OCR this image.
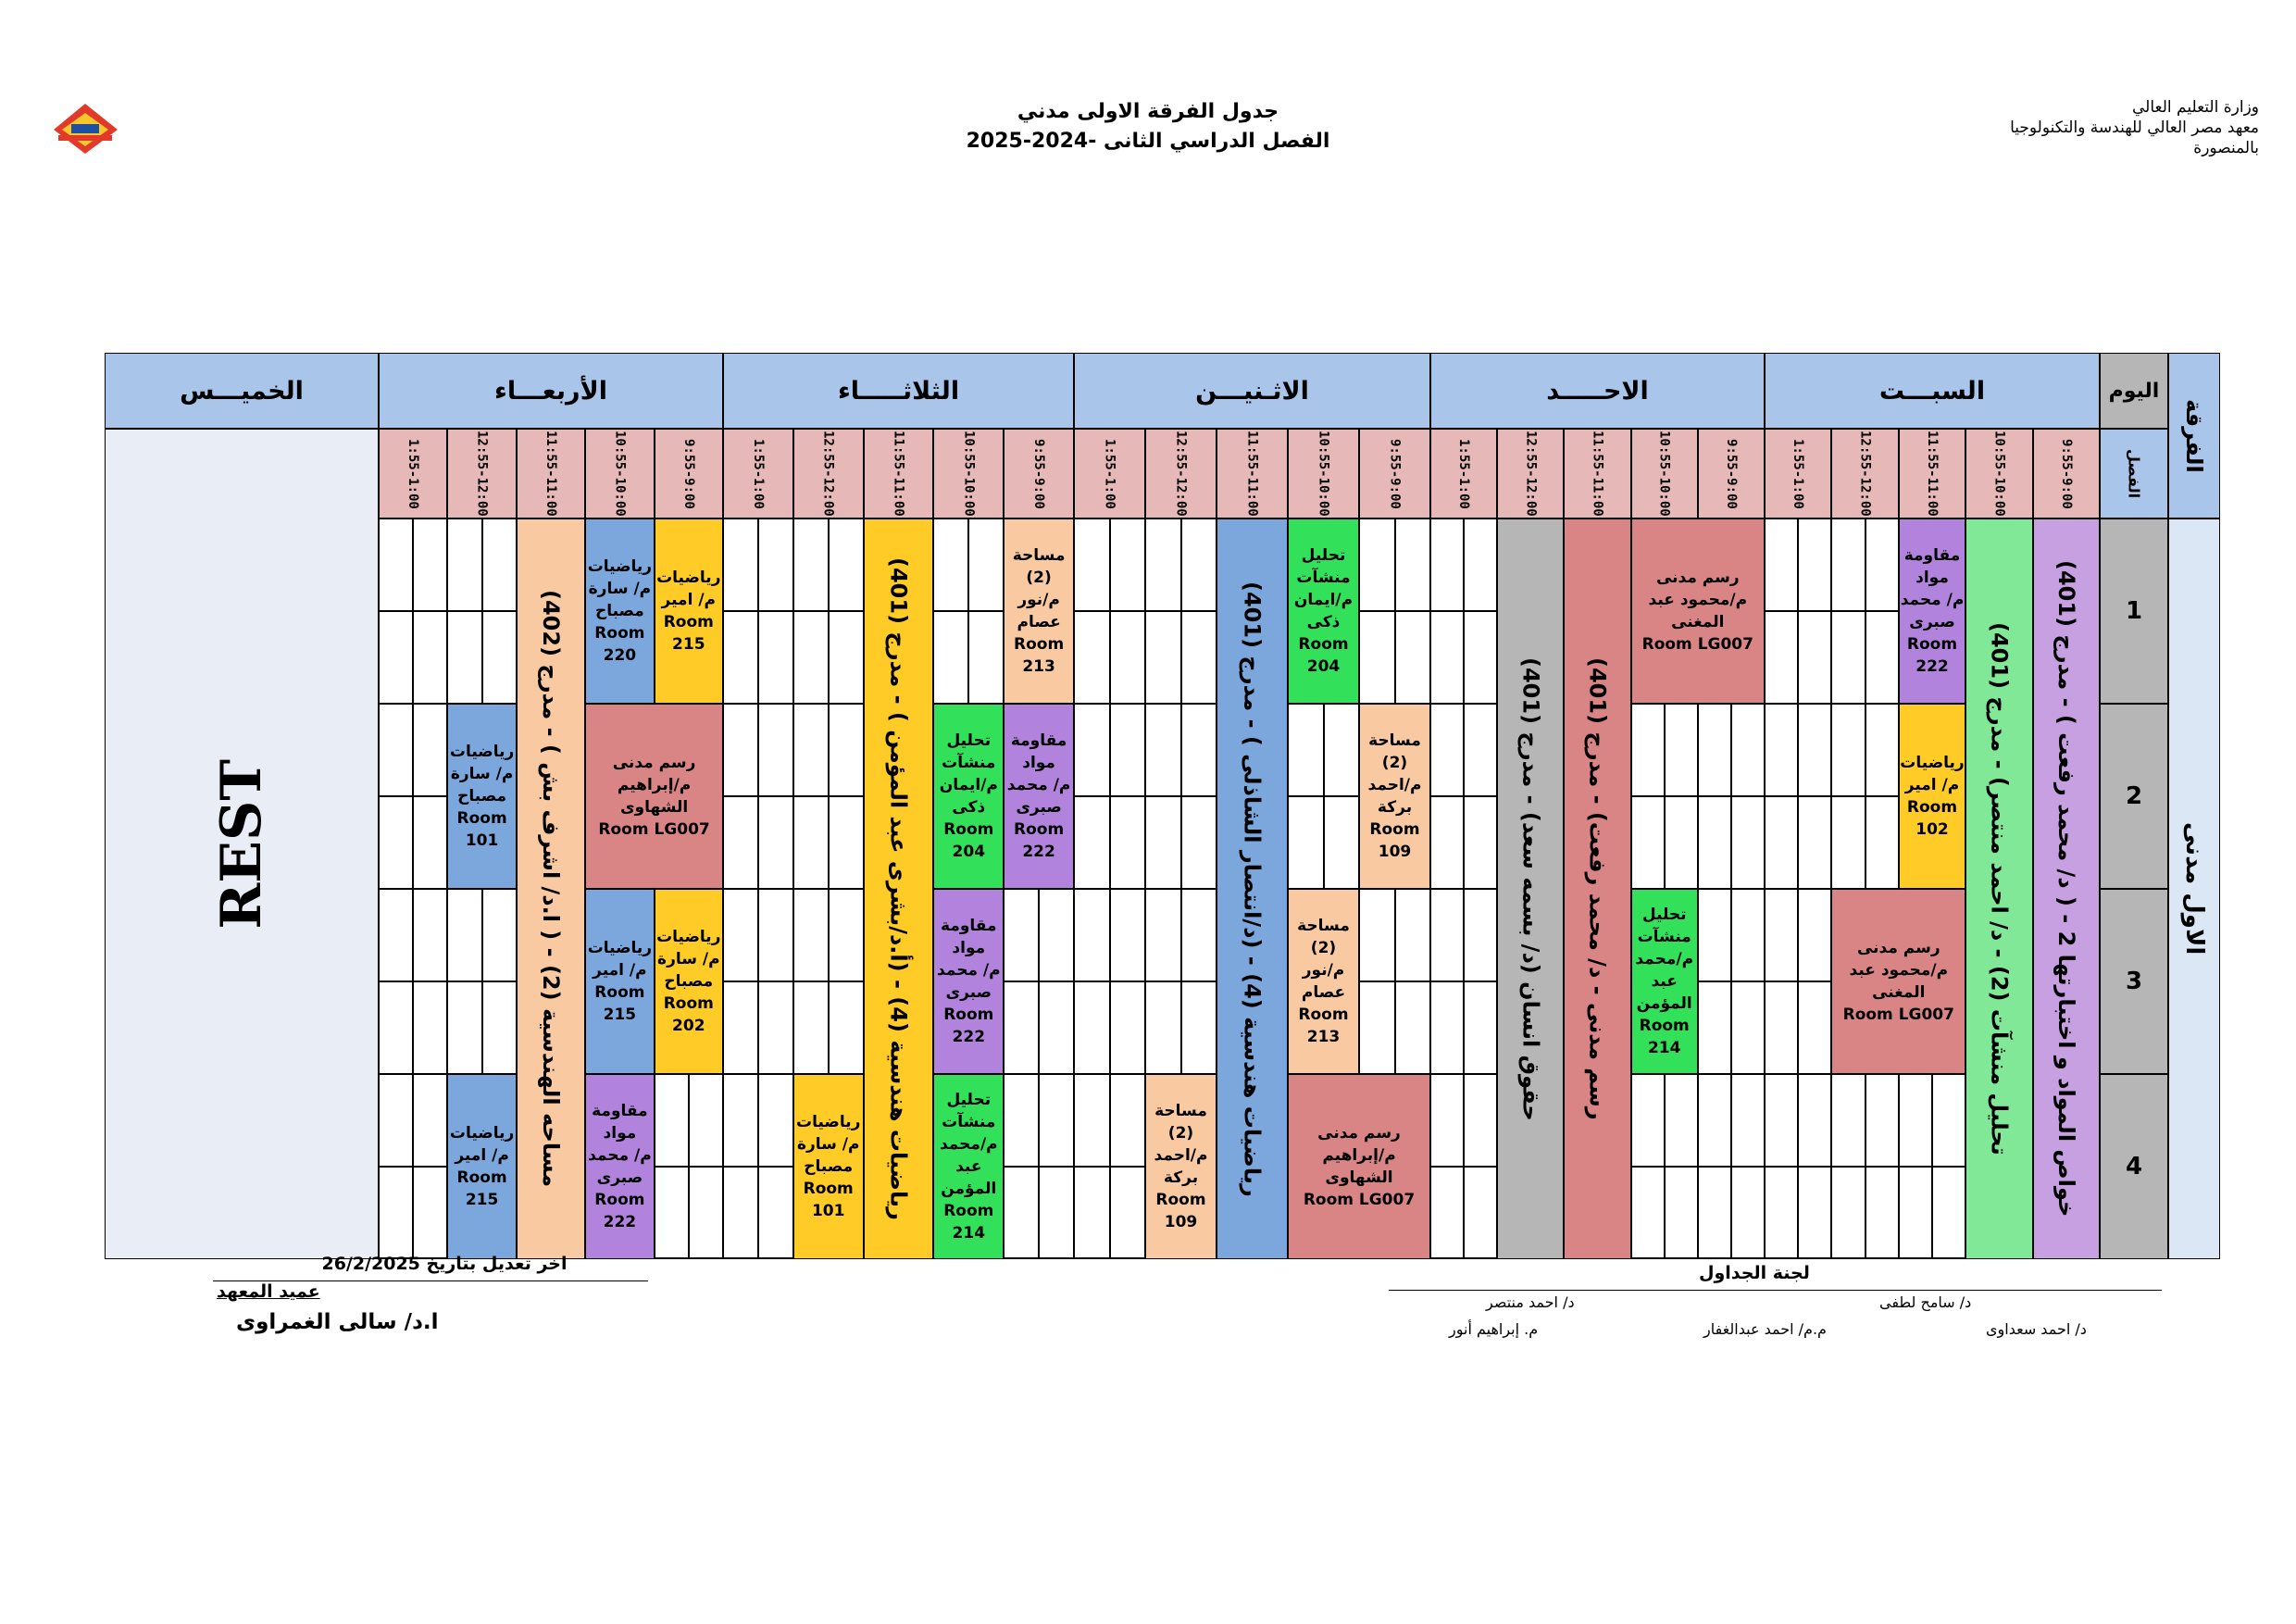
وزارة التعليم العالي
معهد مصر العالي للهندسة والتكنولوجيا
بالمنصورة
جدول الفرقة الاولى مدني
الفصل الدراسي الثانى -2024-2025
الفرقة
اليوم
الفصل
الاول مدنى
1
2
3
4
السبـــت
9:55-9:00
10:55-10:00
11:55-11:00
12:55-12:00
1:55-1:00
الاحـــــد
9:55-9:00
10:55-10:00
11:55-11:00
12:55-12:00
1:55-1:00
الاثـنيـــن
9:55-9:00
10:55-10:00
11:55-11:00
12:55-12:00
1:55-1:00
الثلاثـــــاء
9:55-9:00
10:55-10:00
11:55-11:00
12:55-12:00
1:55-1:00
الأربعـــاء
9:55-9:00
10:55-10:00
11:55-11:00
12:55-12:00
1:55-1:00
الخميـــس
REST
خواص المواد و اختبارتها 2 - ( د/ محمد رفعت ) - مدرج (401)
تحليل منشآت (2) - د/ احمد منتصر) - مدرج (401)
مقاومة
مواد
م/ محمد
صبرى
Room
222
رياضيات
م/ امير
Room
102
رسم مدنى
م/محمود عبد
المغنى
Room LG007
رسم مدنى
م/محمود عبد
المغنى
Room LG007
رسم مدنى - د/ محمد رفعت) - مدرج (401)
حقوق انسان (د/ بسمه سعد) - مدرج (401)	تحليل
منشآت
م/محمد
عبد
المؤمن
Room
214
تحليل
منشآت
م/ايمان
ذكى
Room
204
مساحة
(2)
م/احمد
بركة
Room
109
مساحة
(2)
م/نور
عصام
Room
213
رسم مدنى
م/إبراهيم الشهاوى
Room LG007
رياضيات هندسية (4) - (د/انتصار الشاذلى ) - مدرج (401)
مساحة
(2)
م/احمد
بركة
Room
109
مساحة
(2)
م/نور
عصام
Room
213
مقاومة
مواد
م/ محمد
صبرى
Room
222
تحليل
منشآت
م/ايمان
ذكى
Room
204
مقاومة
مواد
م/ محمد
صبرى
Room
222
تحليل
منشآت
م/محمد
عبد
المؤمن
Room
214
رياضيات هندسية (4) - (أ.د/بشرى عبد المؤمن ) - مدرج (401)
رياضيات
م/ سارة
مصباح
Room
101
رياضيات
م/ امير
Room
215
رياضيات
م/ سارة
مصباح
Room
220
رسم مدنى
م/إبراهيم
الشهاوى
Room LG007
رياضيات
م/ سارة
مصباح
Room
202
رياضيات
م/ امير
Room
215
مقاومة
مواد
م/ محمد
صبرى
Room
222
مساحه الهندسية (2) - ( ا.د/ اشرف بش ) - مدرج (402)
رياضيات
م/ سارة
مصباح
Room
101
رياضيات
م/ امير
Room
215
اخر تعديل بتاريخ 26/2/2025
عميد المعهد
ا.د/ سالى الغمراوى
لجنة الجداول
د/ سامح لطفى
د/ احمد منتصر
د/ احمد سعداوى
م.م/ احمد عبدالغفار
م. إبراهيم أنور
